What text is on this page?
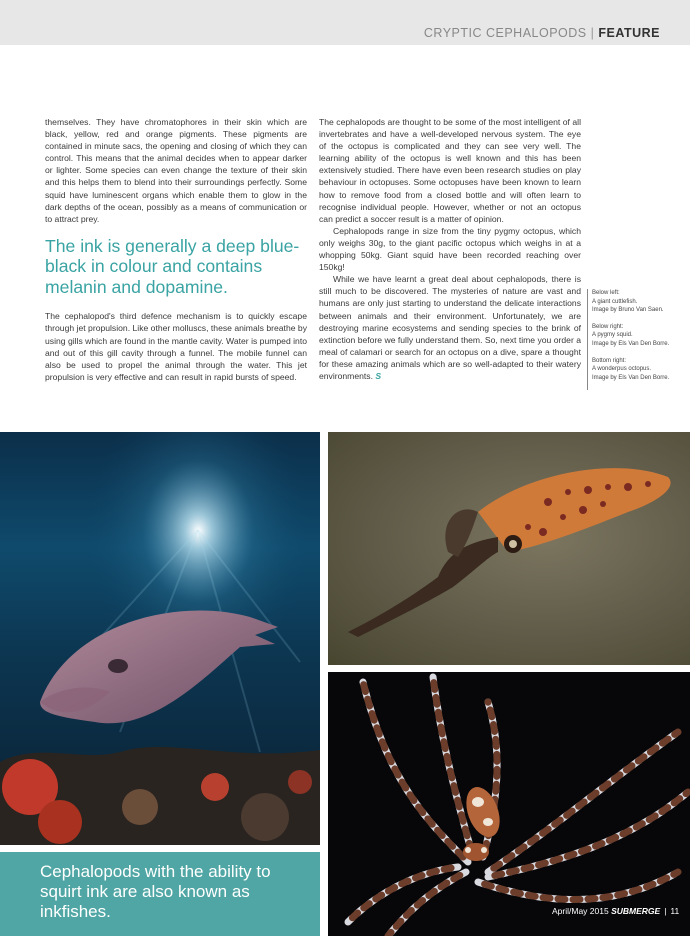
CRYPTIC CEPHALOPODS | FEATURE

themselves. They have chromatophores in their skin which are black, yellow, red and orange pigments. These pigments are contained in minute sacs, the opening and closing of which they can control. This means that the animal decides when to appear darker or lighter. Some species can even change the texture of their skin and this helps them to blend into their surroundings perfectly. Some squid have luminescent organs which enable them to glow in the dark depths of the ocean, possibly as a means of communication or to attract prey.

The ink is generally a deep blue-black in colour and contains melanin and dopamine.

The cephalopod's third defence mechanism is to quickly escape through jet propulsion. Like other molluscs, these animals breathe by using gills which are found in the mantle cavity. Water is pumped into and out of this gill cavity through a funnel. The mobile funnel can also be used to propel the animal through the water. This jet propulsion is very effective and can result in rapid bursts of speed.

The cephalopods are thought to be some of the most intelligent of all invertebrates and have a well-developed nervous system. The eye of the octopus is complicated and they can see very well. The learning ability of the octopus is well known and this has been extensively studied. There have even been research studies on play behaviour in octopuses. Some octopuses have been known to learn how to remove food from a closed bottle and will often learn to recognise individual people. However, whether or not an octopus can predict a soccer result is a matter of opinion.

Cephalopods range in size from the tiny pygmy octopus, which only weighs 30g, to the giant pacific octopus which weighs in at a whopping 50kg. Giant squid have been recorded reaching over 150kg!

While we have learnt a great deal about cephalopods, there is still much to be discovered. The mysteries of nature are vast and humans are only just starting to understand the delicate interactions between animals and their environment. Unfortunately, we are destroying marine ecosystems and sending species to the brink of extinction before we fully understand them. So, next time you order a meal of calamari or search for an octopus on a dive, spare a thought for these amazing animals which are so well-adapted to their watery environments. S

Below left:
A giant cuttlefish.
Image by Bruno Van Saen.
Below right:
A pygmy squid.
Image by Els Van Den Borre.
Bottom right:
A wonderpus octopus.
Image by Els Van Den Borre.
Cephalopods with the ability to squirt ink are also known as inkfishes.	April/May 2015 SUBMERGE | 11
